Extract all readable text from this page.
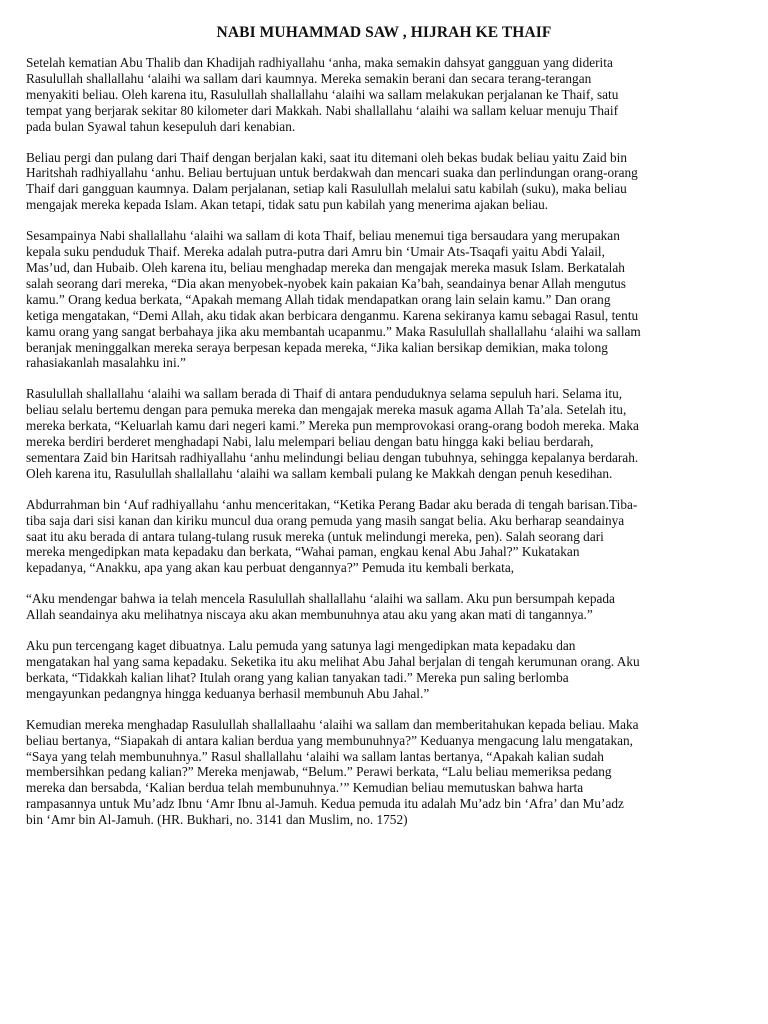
NABI MUHAMMAD SAW , HIJRAH KE THAIF

Setelah kematian Abu Thalib dan Khadijah radhiyallahu ‘anha, maka semakin dahsyat gangguan yang diderita
Rasulullah shallallahu ‘alaihi wa sallam dari kaumnya. Mereka semakin berani dan secara terang-terangan
menyakiti beliau. Oleh karena itu, Rasulullah shallallahu ‘alaihi wa sallam melakukan perjalanan ke Thaif, satu
tempat yang berjarak sekitar 80 kilometer dari Makkah. Nabi shallallahu ‘alaihi wa sallam keluar menuju Thaif
pada bulan Syawal tahun kesepuluh dari kenabian.

Beliau pergi dan pulang dari Thaif dengan berjalan kaki, saat itu ditemani oleh bekas budak beliau yaitu Zaid bin
Haritshah radhiyallahu ‘anhu. Beliau bertujuan untuk berdakwah dan mencari suaka dan perlindungan orang-orang
Thaif dari gangguan kaumnya. Dalam perjalanan, setiap kali Rasulullah melalui satu kabilah (suku), maka beliau
mengajak mereka kepada Islam. Akan tetapi, tidak satu pun kabilah yang menerima ajakan beliau.

Sesampainya Nabi shallallahu ‘alaihi wa sallam di kota Thaif, beliau menemui tiga bersaudara yang merupakan
kepala suku penduduk Thaif. Mereka adalah putra-putra dari Amru bin ‘Umair Ats-Tsaqafi yaitu Abdi Yalail,
Mas’ud, dan Hubaib. Oleh karena itu, beliau menghadap mereka dan mengajak mereka masuk Islam. Berkatalah
salah seorang dari mereka, “Dia akan menyobek-nyobek kain pakaian Ka’bah, seandainya benar Allah mengutus
kamu.” Orang kedua berkata, “Apakah memang Allah tidak mendapatkan orang lain selain kamu.” Dan orang
ketiga mengatakan, “Demi Allah, aku tidak akan berbicara denganmu. Karena sekiranya kamu sebagai Rasul, tentu
kamu orang yang sangat berbahaya jika aku membantah ucapanmu.” Maka Rasulullah shallallahu ‘alaihi wa sallam
beranjak meninggalkan mereka seraya berpesan kepada mereka, “Jika kalian bersikap demikian, maka tolong
rahasiakanlah masalahku ini.”

Rasulullah shallallahu ‘alaihi wa sallam berada di Thaif di antara penduduknya selama sepuluh hari. Selama itu,
beliau selalu bertemu dengan para pemuka mereka dan mengajak mereka masuk agama Allah Ta’ala. Setelah itu,
mereka berkata, “Keluarlah kamu dari negeri kami.” Mereka pun memprovokasi orang-orang bodoh mereka. Maka
mereka berdiri berderet menghadapi Nabi, lalu melempari beliau dengan batu hingga kaki beliau berdarah,
sementara Zaid bin Haritsah radhiyallahu ‘anhu melindungi beliau dengan tubuhnya, sehingga kepalanya berdarah.
Oleh karena itu, Rasulullah shallallahu ‘alaihi wa sallam kembali pulang ke Makkah dengan penuh kesedihan.

Abdurrahman bin ‘Auf radhiyallahu ‘anhu menceritakan, “Ketika Perang Badar aku berada di tengah barisan.Tiba-
tiba saja dari sisi kanan dan kiriku muncul dua orang pemuda yang masih sangat belia. Aku berharap seandainya
saat itu aku berada di antara tulang-tulang rusuk mereka (untuk melindungi mereka, pen). Salah seorang dari
mereka mengedipkan mata kepadaku dan berkata, “Wahai paman, engkau kenal Abu Jahal?” Kukatakan
kepadanya, “Anakku, apa yang akan kau perbuat dengannya?” Pemuda itu kembali berkata,

“Aku mendengar bahwa ia telah mencela Rasulullah shallallahu ‘alaihi wa sallam. Aku pun bersumpah kepada
Allah seandainya aku melihatnya niscaya aku akan membunuhnya atau aku yang akan mati di tangannya.”

Aku pun tercengang kaget dibuatnya. Lalu pemuda yang satunya lagi mengedipkan mata kepadaku dan
mengatakan hal yang sama kepadaku. Seketika itu aku melihat Abu Jahal berjalan di tengah kerumunan orang. Aku
berkata, “Tidakkah kalian lihat? Itulah orang yang kalian tanyakan tadi.” Mereka pun saling berlomba
mengayunkan pedangnya hingga keduanya berhasil membunuh Abu Jahal.”

Kemudian mereka menghadap Rasulullah shallallaahu ‘alaihi wa sallam dan memberitahukan kepada beliau. Maka
beliau bertanya, “Siapakah di antara kalian berdua yang membunuhnya?” Keduanya mengacung lalu mengatakan,
“Saya yang telah membunuhnya.” Rasul shallallahu ‘alaihi wa sallam lantas bertanya, “Apakah kalian sudah
membersihkan pedang kalian?” Mereka menjawab, “Belum.” Perawi berkata, “Lalu beliau memeriksa pedang
mereka dan bersabda, ‘Kalian berdua telah membunuhnya.’” Kemudian beliau memutuskan bahwa harta
rampasannya untuk Mu’adz Ibnu ‘Amr Ibnu al-Jamuh. Kedua pemuda itu adalah Mu’adz bin ‘Afra’ dan Mu’adz
bin ‘Amr bin Al-Jamuh. (HR. Bukhari, no. 3141 dan Muslim, no. 1752)
